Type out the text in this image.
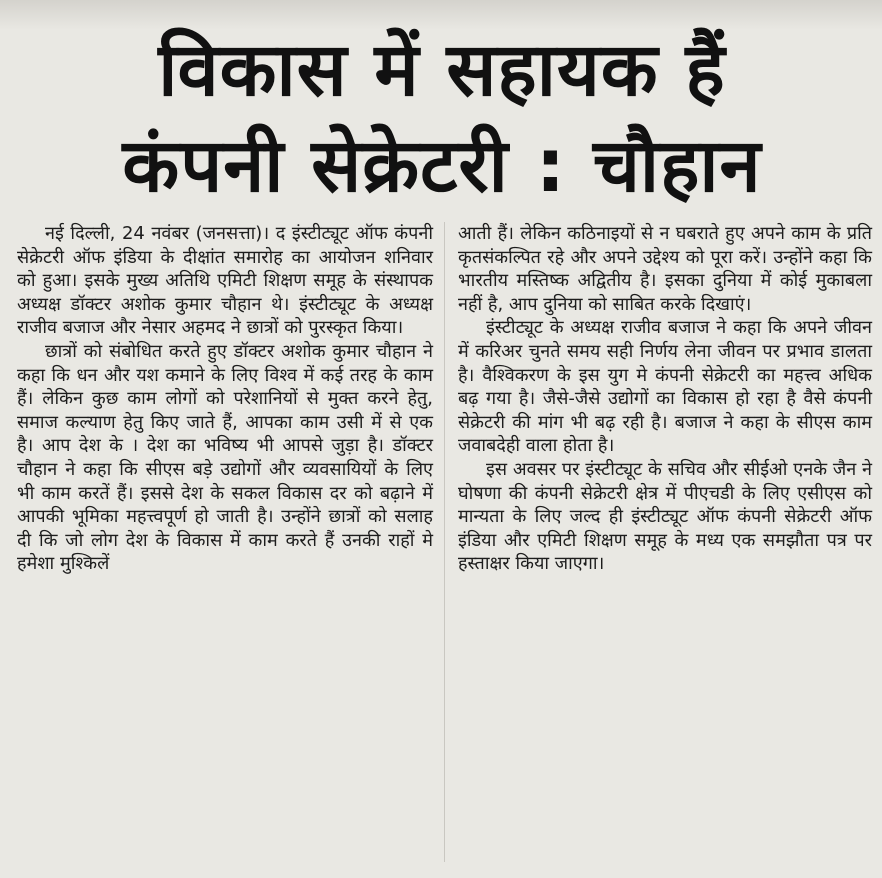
विकास में सहायक हैं
कंपनी सेक्रेटरी : चौहान

नई दिल्ली, 24 नवंबर (जनसत्ता)। द इंस्टीट्यूट ऑफ कंपनी सेक्रेटरी ऑफ इंडिया के दीक्षांत समारोह का आयोजन शनिवार को हुआ। इसके मुख्य अतिथि एमिटी शिक्षण समूह के संस्थापक अध्यक्ष डॉक्टर अशोक कुमार चौहान थे। इंस्टीट्यूट के अध्यक्ष राजीव बजाज और नेसार अहमद ने छात्रों को पुरस्कृत किया।

छात्रों को संबोधित करते हुए डॉक्टर अशोक कुमार चौहान ने कहा कि धन और यश कमाने के लिए विश्व में कई तरह के काम हैं। लेकिन कुछ काम लोगों को परेशानियों से मुक्त करने हेतु, समाज कल्याण हेतु किए जाते हैं, आपका काम उसी में से एक है। आप देश के । देश का भविष्य भी आपसे जुड़ा है। डॉक्टर चौहान ने कहा कि सीएस बड़े उद्योगों और व्यवसायियों के लिए भी काम करतें हैं। इससे देश के सकल विकास दर को बढ़ाने में आपकी भूमिका महत्त्वपूर्ण हो जाती है। उन्होंने छात्रों को सलाह दी कि जो लोग देश के विकास में काम करते हैं उनकी राहों मे हमेशा मुश्किलें

आती हैं। लेकिन कठिनाइयों से न घबराते हुए अपने काम के प्रति कृतसंकल्पित रहे और अपने उद्देश्य को पूरा करें। उन्होंने कहा कि भारतीय मस्तिष्क अद्वितीय है। इसका दुनिया में कोई मुकाबला नहीं है, आप दुनिया को साबित करके दिखाएं।

इंस्टीट्यूट के अध्यक्ष राजीव बजाज ने कहा कि अपने जीवन में करिअर चुनते समय सही निर्णय लेना जीवन पर प्रभाव डालता है। वैश्विकरण के इस युग मे कंपनी सेक्रेटरी का महत्त्व अधिक बढ़ गया है। जैसे-जैसे उद्योगों का विकास हो रहा है वैसे कंपनी सेक्रेटरी की मांग भी बढ़ रही है। बजाज ने कहा के सीएस काम जवाबदेही वाला होता है।

इस अवसर पर इंस्टीट्यूट के सचिव और सीईओ एनके जैन ने घोषणा की कंपनी सेक्रेटरी क्षेत्र में पीएचडी के लिए एसीएस को मान्यता के लिए जल्द ही इंस्टीट्यूट ऑफ कंपनी सेक्रेटरी ऑफ इंडिया और एमिटी शिक्षण समूह के मध्य एक समझौता पत्र पर हस्ताक्षर किया जाएगा।
